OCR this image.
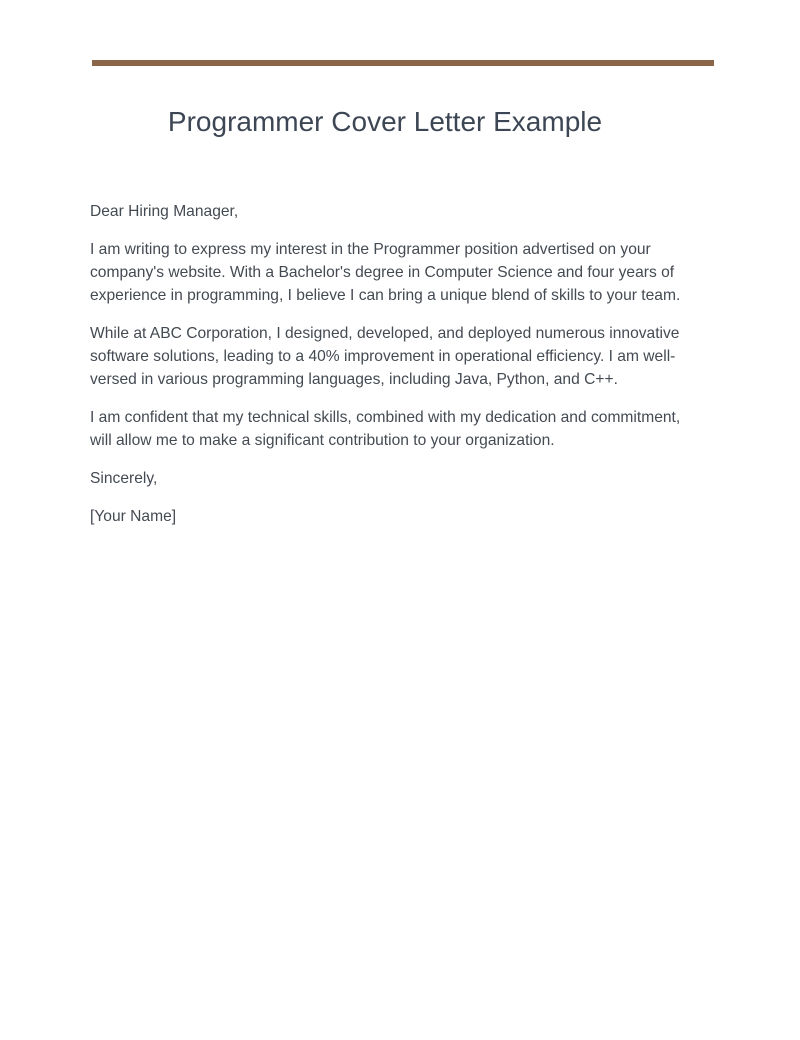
Programmer Cover Letter Example

Dear Hiring Manager,

I am writing to express my interest in the Programmer position advertised on your company's website. With a Bachelor's degree in Computer Science and four years of experience in programming, I believe I can bring a unique blend of skills to your team.

While at ABC Corporation, I designed, developed, and deployed numerous innovative software solutions, leading to a 40% improvement in operational efficiency. I am well-versed in various programming languages, including Java, Python, and C++.

I am confident that my technical skills, combined with my dedication and commitment, will allow me to make a significant contribution to your organization.

Sincerely,

[Your Name]
